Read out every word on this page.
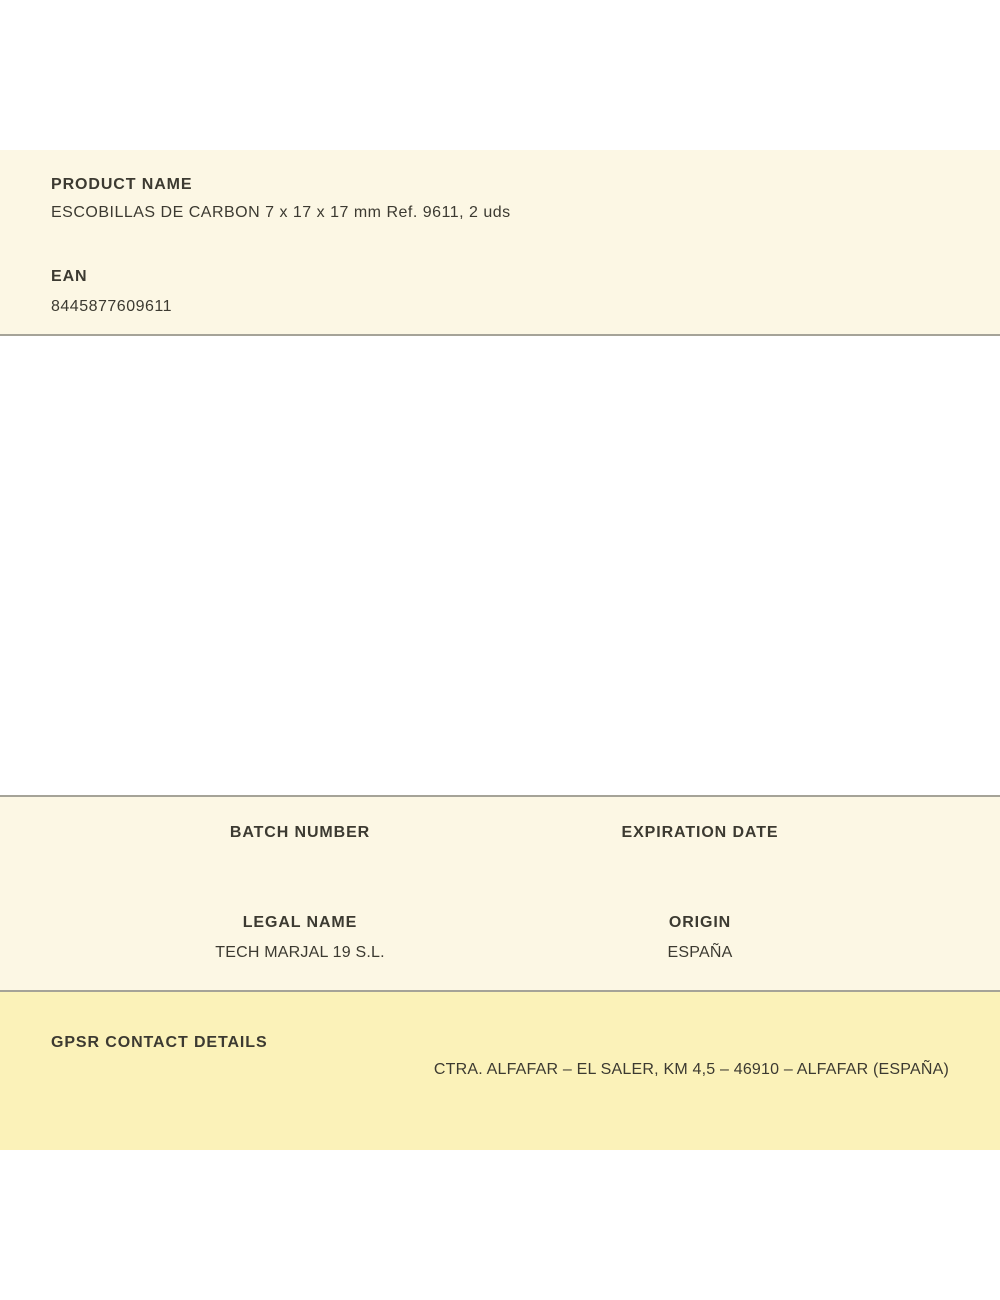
PRODUCT NAME
ESCOBILLAS DE CARBON 7 x 17 x 17 mm Ref. 9611, 2 uds
EAN
8445877609611
BATCH NUMBER	EXPIRATION DATE
LEGAL NAME
TECH MARJAL 19 S.L.
ORIGIN
ESPAÑA
GPSR CONTACT DETAILS
CTRA. ALFAFAR – EL SALER, KM 4,5 – 46910 – ALFAFAR (ESPAÑA)
